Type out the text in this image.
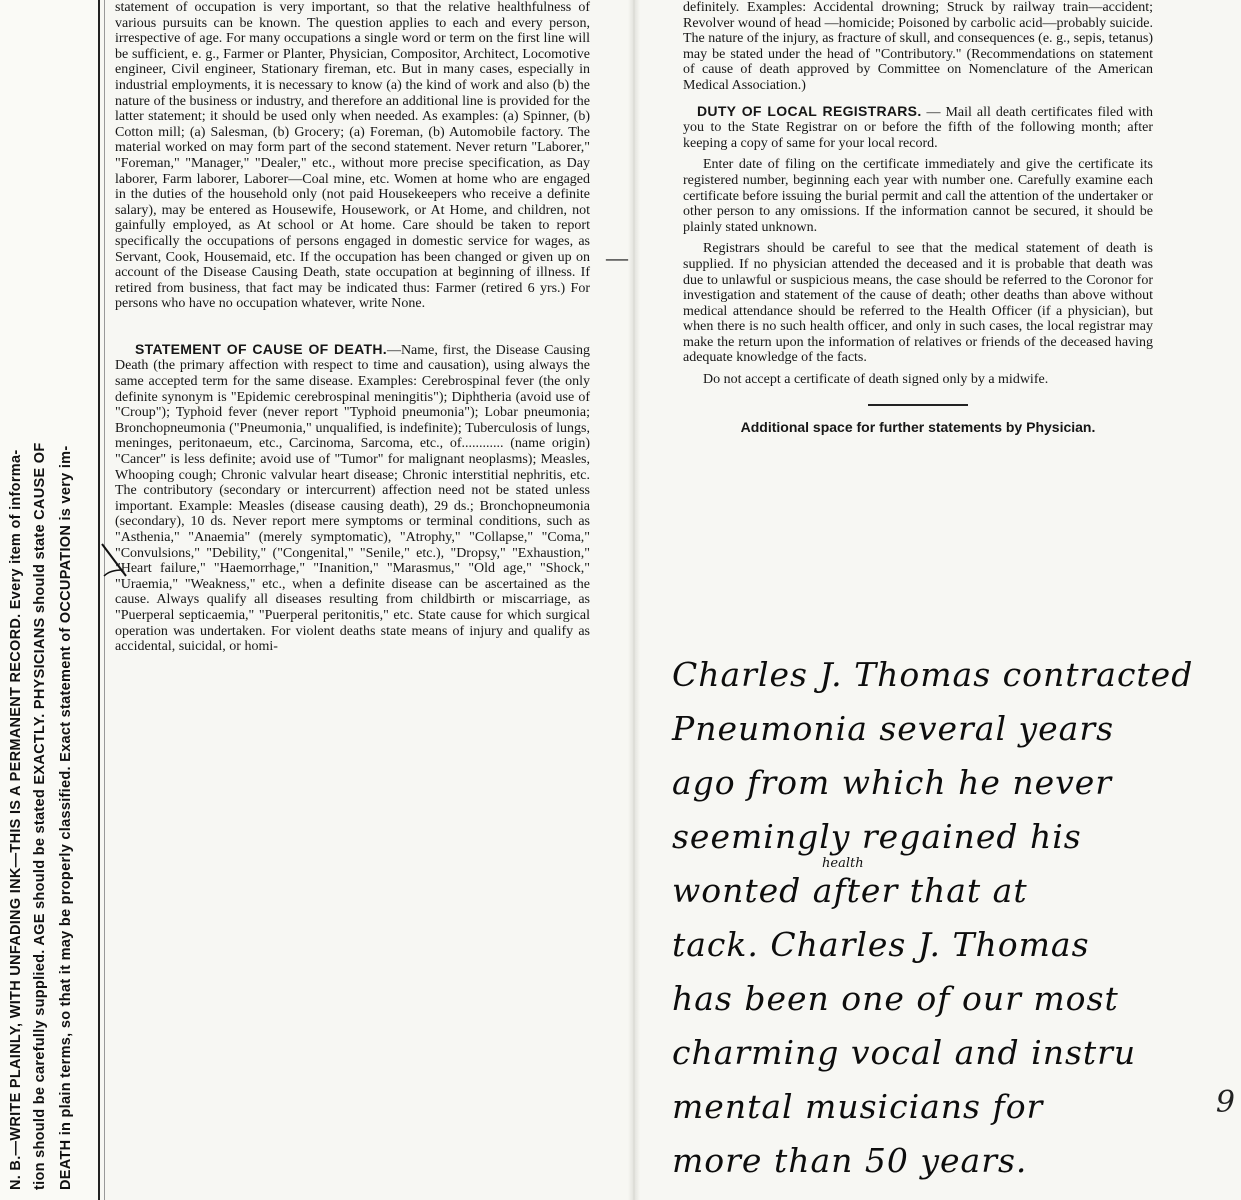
N. B.—WRITE PLAINLY, WITH UNFADING INK—THIS IS A PERMANENT RECORD. Every item of informa- tion should be carefully supplied. AGE should be stated EXACTLY. PHYSICIANS should state CAUSE OF DEATH in plain terms, so that it may be properly classified. Exact statement of OCCUPATION is very im-

statement of occupation is very important, so that the relative healthfulness of various pursuits can be known. The question applies to each and every person, irrespective of age. For many occupations a single word or term on the first line will be sufficient, e. g., Farmer or Planter, Physician, Compositor, Architect, Locomotive engineer, Civil engineer, Stationary fireman, etc. But in many cases, especially in industrial employments, it is necessary to know (a) the kind of work and also (b) the nature of the business or industry, and therefore an additional line is provided for the latter statement; it should be used only when needed. As examples: (a) Spinner, (b) Cotton mill; (a) Salesman, (b) Grocery; (a) Foreman, (b) Automobile factory. The material worked on may form part of the second statement. Never return "Laborer," "Foreman," "Manager," "Dealer," etc., without more precise specification, as Day laborer, Farm laborer, Laborer—Coal mine, etc. Women at home who are engaged in the duties of the household only (not paid Housekeepers who receive a definite salary), may be entered as Housewife, Housework, or At Home, and children, not gainfully employed, as At school or At home. Care should be taken to report specifically the occupations of persons engaged in domestic service for wages, as Servant, Cook, Housemaid, etc. If the occupation has been changed or given up on account of the Disease Causing Death, state occupation at beginning of illness. If retired from business, that fact may be indicated thus: Farmer (retired 6 yrs.) For persons who have no occupation whatever, write None.

STATEMENT OF CAUSE OF DEATH.—Name, first, the Disease Causing Death (the primary affection with respect to time and causation), using always the same accepted term for the same disease. Examples: Cerebrospinal fever (the only definite synonym is "Epidemic cerebrospinal meningitis"); Diphtheria (avoid use of "Croup"); Typhoid fever (never report "Typhoid pneumonia"); Lobar pneumonia; Bronchopneumonia ("Pneumonia," unqualified, is indefinite); Tuberculosis of lungs, meninges, peritonaeum, etc., Carcinoma, Sarcoma, etc., of............ (name origin) "Cancer" is less definite; avoid use of "Tumor" for malignant neoplasms); Measles, Whooping cough; Chronic valvular heart disease; Chronic interstitial nephritis, etc. The contributory (secondary or intercurrent) affection need not be stated unless important. Example: Measles (disease causing death), 29 ds.; Bronchopneumonia (secondary), 10 ds. Never report mere symptoms or terminal conditions, such as "Asthenia," "Anaemia" (merely symptomatic), "Atrophy," "Collapse," "Coma," "Convulsions," "Debility," ("Congenital," "Senile," etc.), "Dropsy," "Exhaustion," "Heart failure," "Haemorrhage," "Inanition," "Marasmus," "Old age," "Shock," "Uraemia," "Weakness," etc., when a definite disease can be ascertained as the cause. Always qualify all diseases resulting from childbirth or miscarriage, as "Puerperal septicaemia," "Puerperal peritonitis," etc. State cause for which surgical operation was undertaken. For violent deaths state means of injury and qualify as accidental, suicidal, or homi-

―

definitely. Examples: Accidental drowning; Struck by railway train—accident; Revolver wound of head —homicide; Poisoned by carbolic acid—probably suicide. The nature of the injury, as fracture of skull, and consequences (e. g., sepis, tetanus) may be stated under the head of "Contributory." (Recommendations on statement of cause of death approved by Committee on Nomenclature of the American Medical Association.)

DUTY OF LOCAL REGISTRARS. — Mail all death certificates filed with you to the State Registrar on or before the fifth of the following month; after keeping a copy of same for your local record.

Enter date of filing on the certificate immediately and give the certificate its registered number, beginning each year with number one. Carefully examine each certificate before issuing the burial permit and call the attention of the undertaker or other person to any omissions. If the information cannot be secured, it should be plainly stated unknown.

Registrars should be careful to see that the medical statement of death is supplied. If no physician attended the deceased and it is probable that death was due to unlawful or suspicious means, the case should be referred to the Coronor for investigation and statement of the cause of death; other deaths than above without medical attendance should be referred to the Health Officer (if a physician), but when there is no such health officer, and only in such cases, the local registrar may make the return upon the information of relatives or friends of the deceased having adequate knowledge of the facts.

Do not accept a certificate of death signed only by a midwife.

Additional space for further statements by Physician.
Charles J. Thomas contracted
Pneumonia several years
ago from which he never
seemingly regained his
wonted after that at
tack. Charles J. Thomas
has been one of our most
charming vocal and instru
mental musicians for
more than 50 years.
health
9
